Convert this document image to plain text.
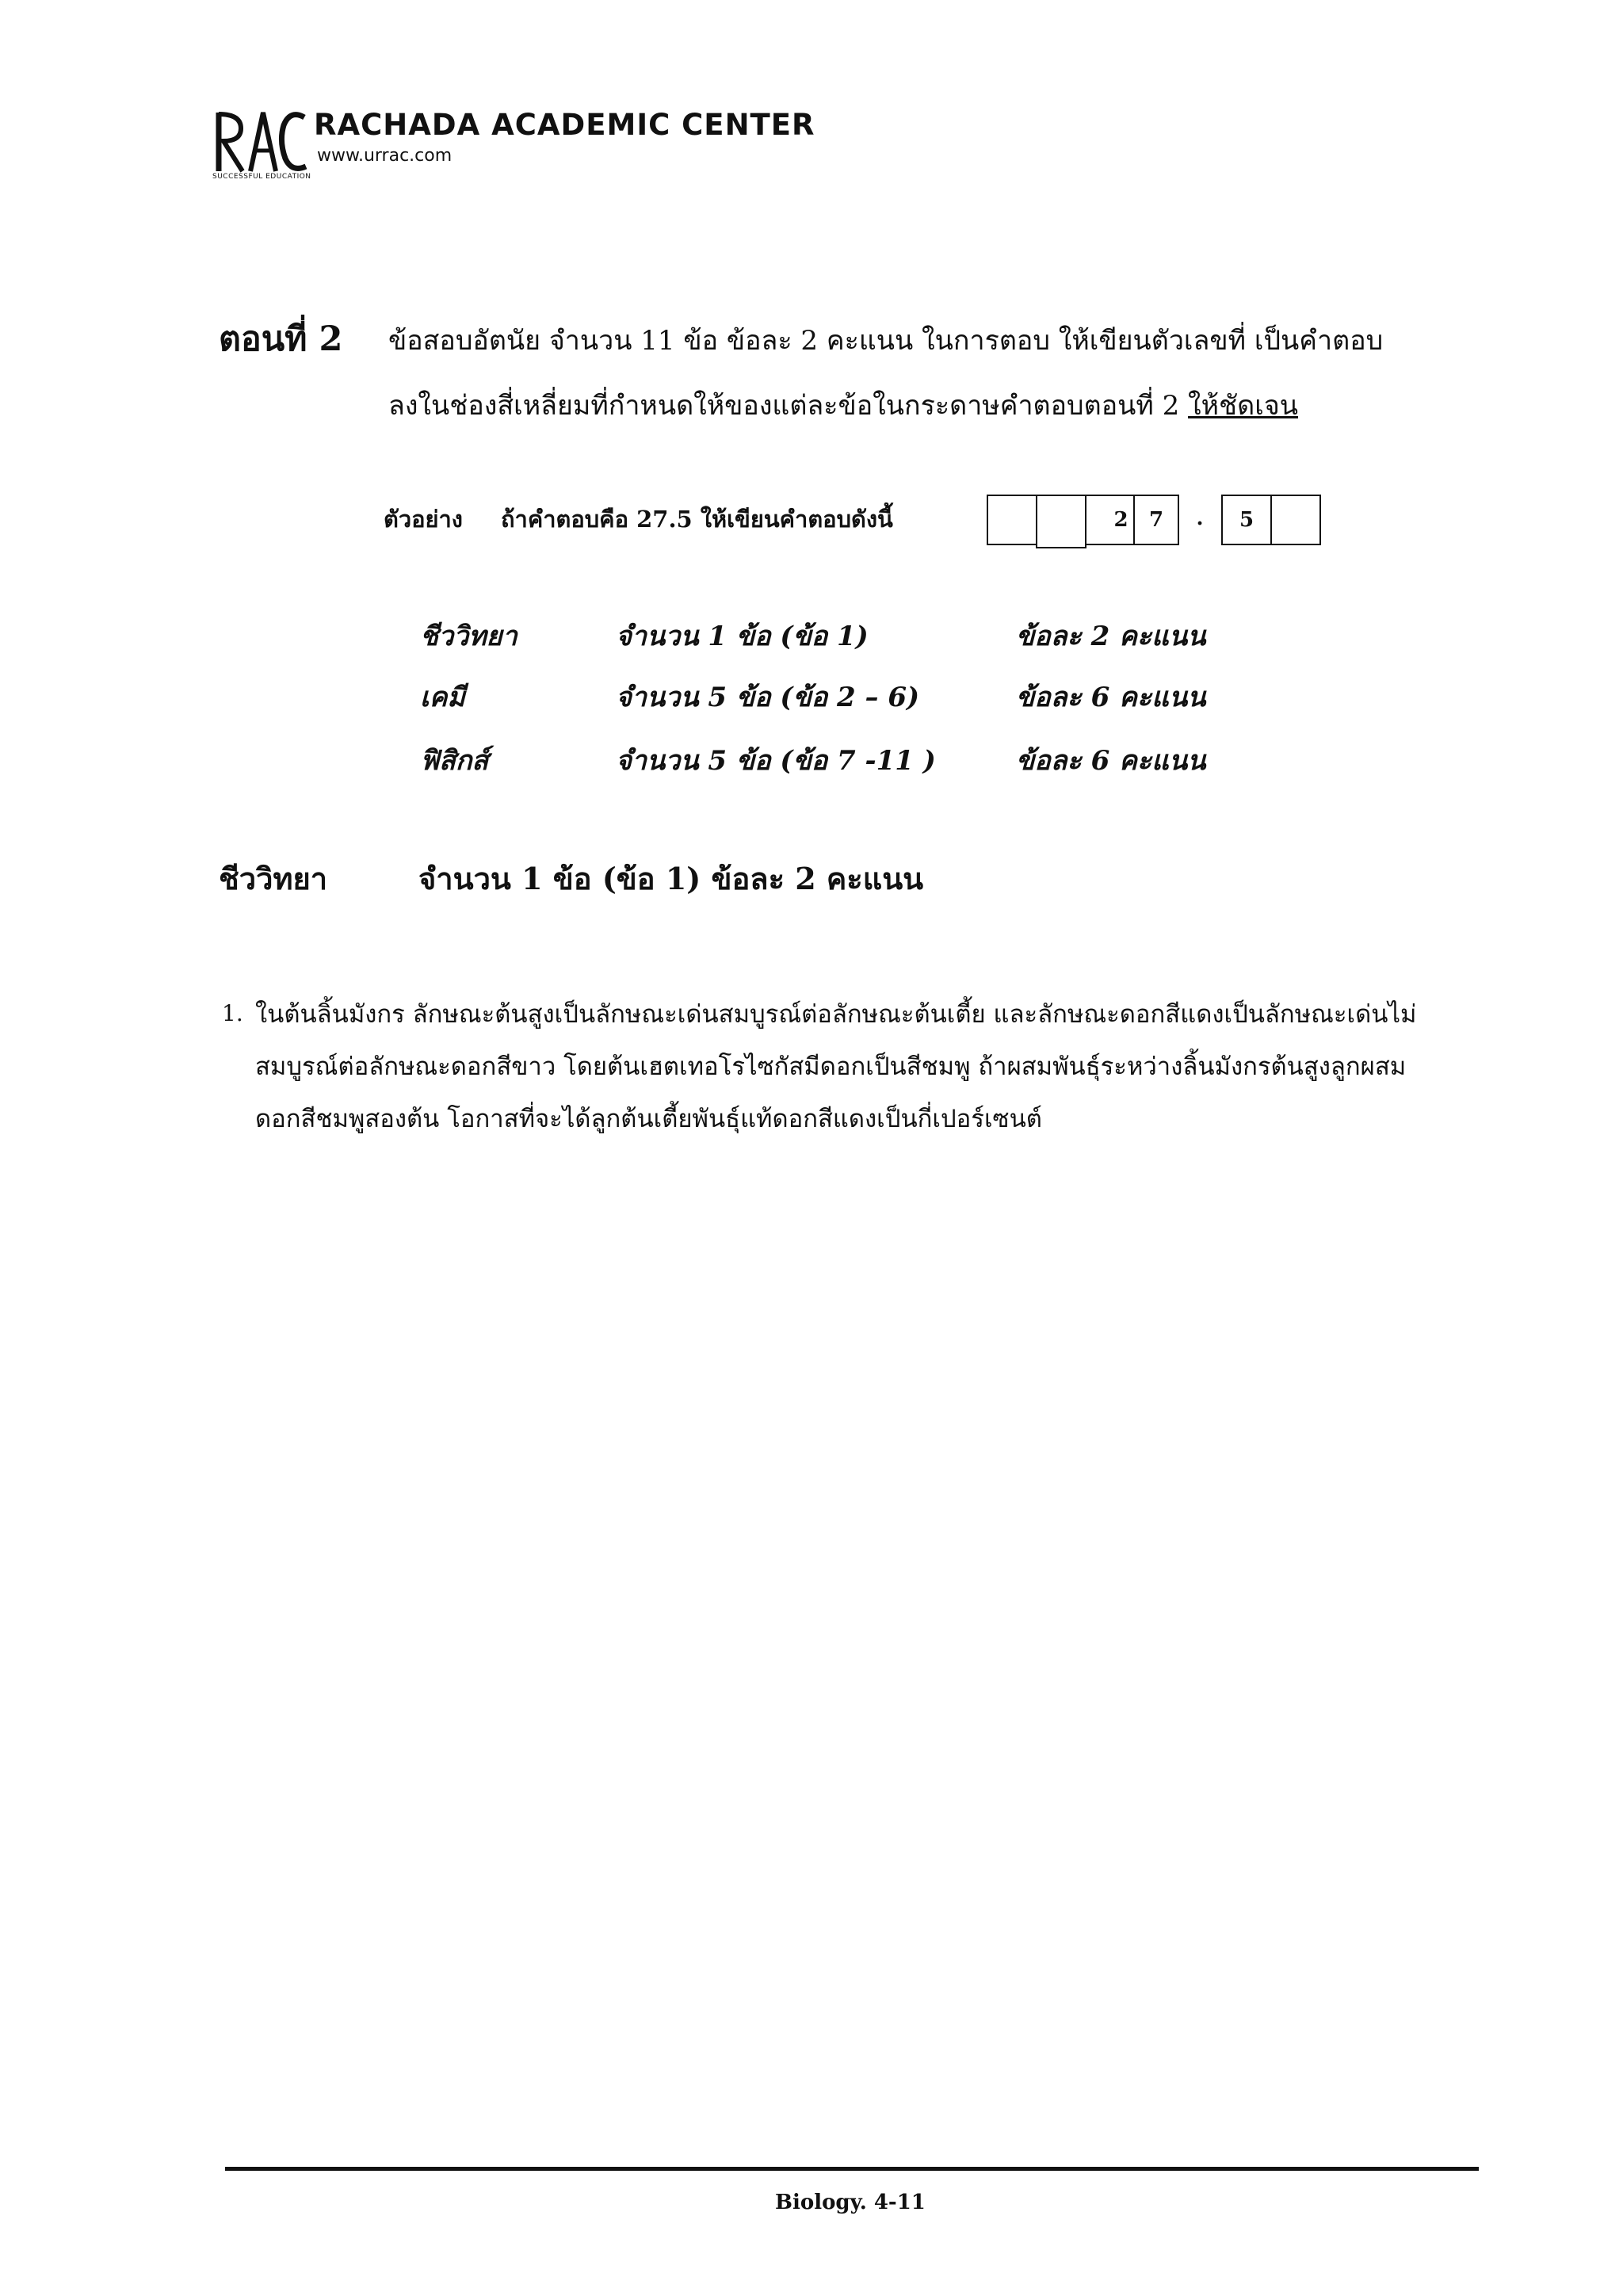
SUCCESSFUL EDUCATION
RACHADA ACADEMIC CENTER
www.urrac.com
ตอนที่ 2 ข้อสอบอัตนัย จำนวน 11 ข้อ ข้อละ 2 คะแนน ในการตอบ ให้เขียนตัวเลขที่ เป็นคำตอบ
ลงในช่องสี่เหลี่ยมที่กำหนดให้ของแต่ละข้อในกระดาษคำตอบตอนที่ 2 ให้ชัดเจน
ตัวอย่าง ถ้าคำตอบคือ 27.5 ให้เขียนคำตอบดังนี้	2	7	.	5
ชีววิทยา	จำนวน 1 ข้อ (ข้อ 1)	ข้อละ 2 คะแนน
เคมี	จำนวน 5 ข้อ (ข้อ 2 – 6)	ข้อละ 6 คะแนน
ฟิสิกส์	จำนวน 5 ข้อ (ข้อ 7 -11 )	ข้อละ 6 คะแนน
ชีววิทยา	จำนวน 1 ข้อ (ข้อ 1) ข้อละ 2 คะแนน
1. ในต้นลิ้นมังกร ลักษณะต้นสูงเป็นลักษณะเด่นสมบูรณ์ต่อลักษณะต้นเตี้ย และลักษณะดอกสีแดงเป็นลักษณะเด่นไม่
สมบูรณ์ต่อลักษณะดอกสีขาว โดยต้นเฮตเทอโรไซกัสมีดอกเป็นสีชมพู ถ้าผสมพันธุ์ระหว่างลิ้นมังกรต้นสูงลูกผสม
ดอกสีชมพูสองต้น โอกาสที่จะได้ลูกต้นเตี้ยพันธุ์แท้ดอกสีแดงเป็นกี่เปอร์เซนต์
Biology. 4-11
